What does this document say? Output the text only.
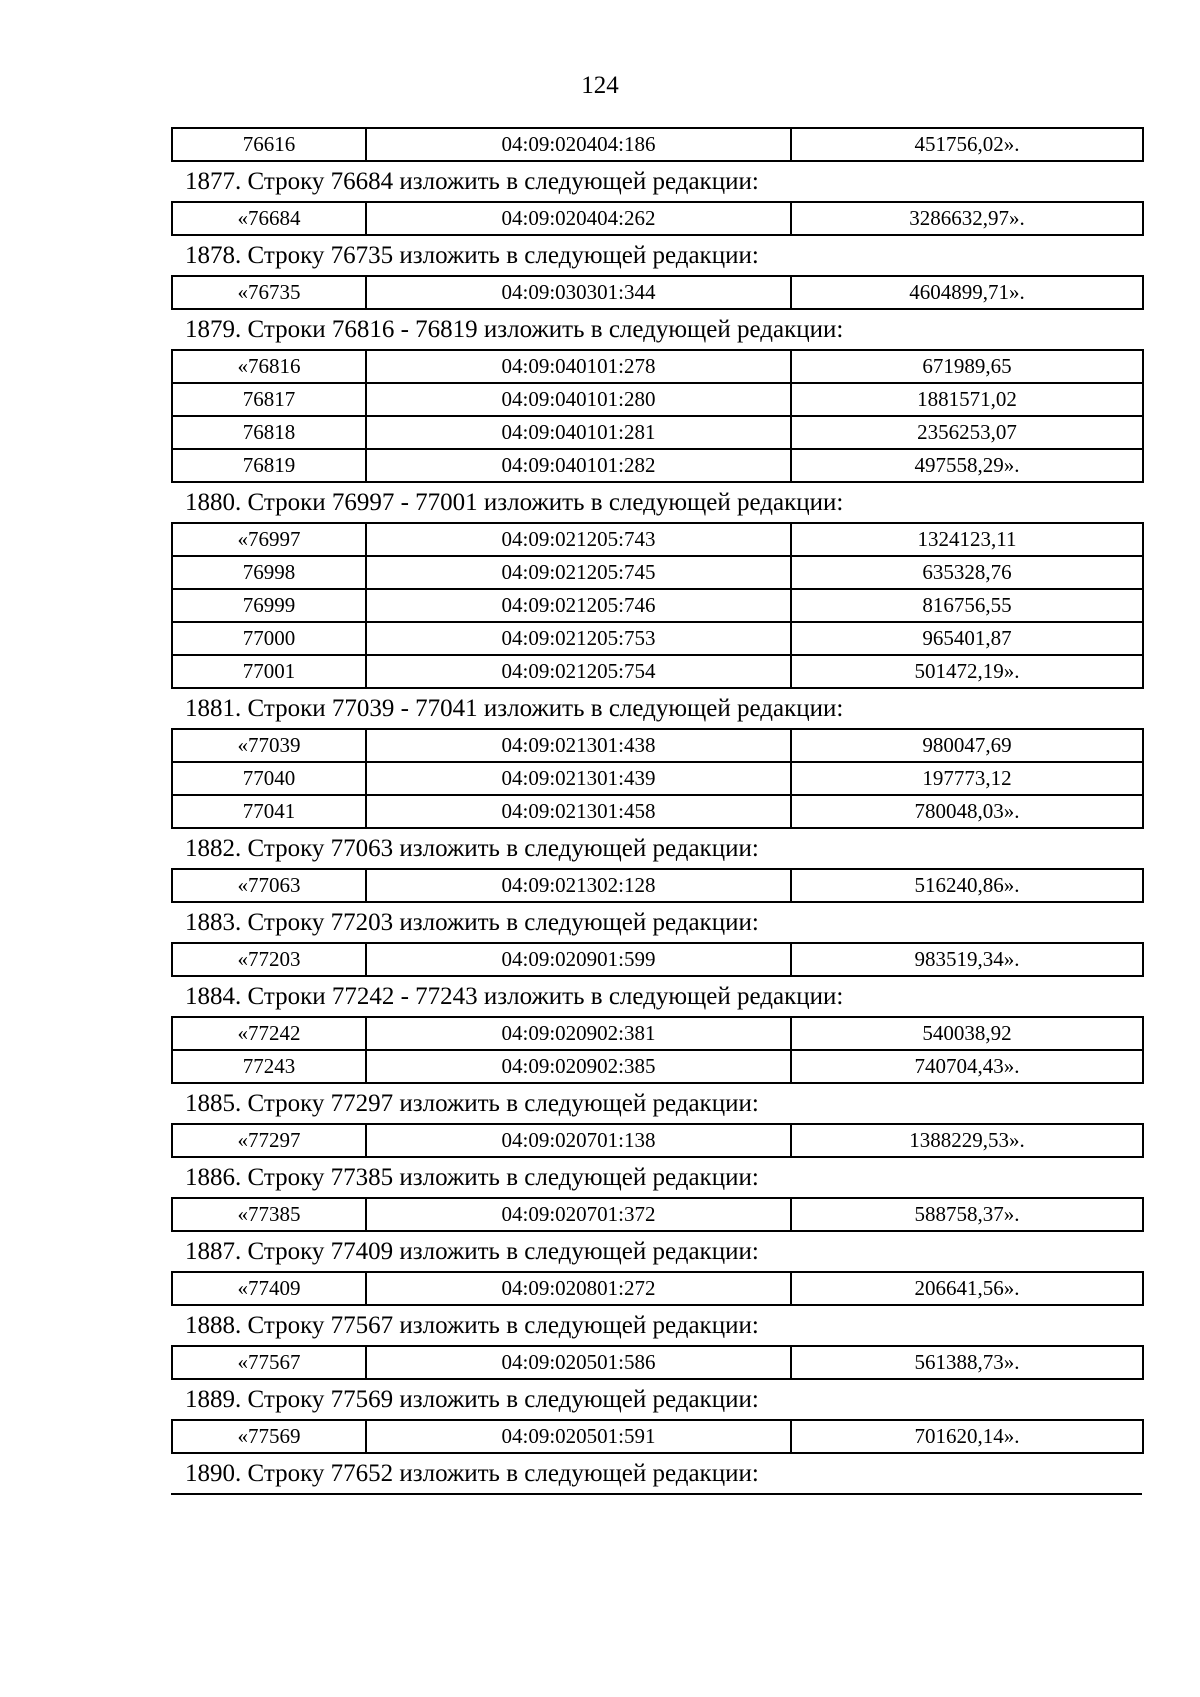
124
76616	04:09:020404:186	451756,02».
1877. Строку 76684 изложить в следующей редакции:
«76684	04:09:020404:262	3286632,97».
1878. Строку 76735 изложить в следующей редакции:
«76735	04:09:030301:344	4604899,71».
1879. Строки 76816 - 76819 изложить в следующей редакции:
«76816	04:09:040101:278	671989,65
76817	04:09:040101:280	1881571,02
76818	04:09:040101:281	2356253,07
76819	04:09:040101:282	497558,29».
1880. Строки 76997 - 77001 изложить в следующей редакции:
«76997	04:09:021205:743	1324123,11
76998	04:09:021205:745	635328,76
76999	04:09:021205:746	816756,55
77000	04:09:021205:753	965401,87
77001	04:09:021205:754	501472,19».
1881. Строки 77039 - 77041 изложить в следующей редакции:
«77039	04:09:021301:438	980047,69
77040	04:09:021301:439	197773,12
77041	04:09:021301:458	780048,03».
1882. Строку 77063 изложить в следующей редакции:
«77063	04:09:021302:128	516240,86».
1883. Строку 77203 изложить в следующей редакции:
«77203	04:09:020901:599	983519,34».
1884. Строки 77242 - 77243 изложить в следующей редакции:
«77242	04:09:020902:381	540038,92
77243	04:09:020902:385	740704,43».
1885. Строку 77297 изложить в следующей редакции:
«77297	04:09:020701:138	1388229,53».
1886. Строку 77385 изложить в следующей редакции:
«77385	04:09:020701:372	588758,37».
1887. Строку 77409 изложить в следующей редакции:
«77409	04:09:020801:272	206641,56».
1888. Строку 77567 изложить в следующей редакции:
«77567	04:09:020501:586	561388,73».
1889. Строку 77569 изложить в следующей редакции:
«77569	04:09:020501:591	701620,14».
1890. Строку 77652 изложить в следующей редакции:
